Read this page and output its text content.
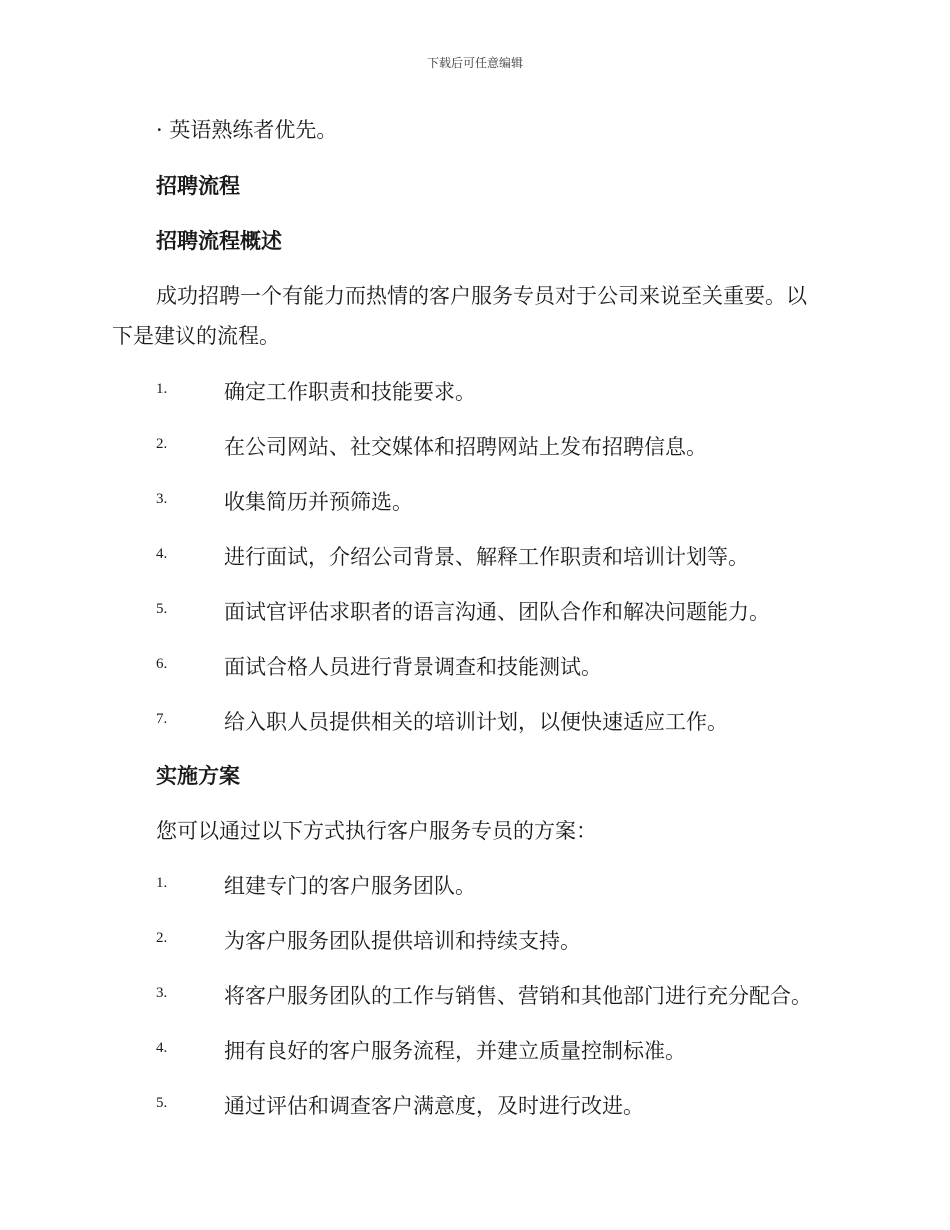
下载后可任意编辑
· 英语熟练者优先。
招聘流程
招聘流程概述
成功招聘一个有能力而热情的客户服务专员对于公司来说至关重要。以
下是建议的流程。
1.	确定工作职责和技能要求。
2.	在公司网站、社交媒体和招聘网站上发布招聘信息。
3.	收集简历并预筛选。
4.	进行面试，介绍公司背景、解释工作职责和培训计划等。
5.	面试官评估求职者的语言沟通、团队合作和解决问题能力。
6.	面试合格人员进行背景调查和技能测试。
7.	给入职人员提供相关的培训计划，以便快速适应工作。
实施方案
您可以通过以下方式执行客户服务专员的方案：
1.	组建专门的客户服务团队。
2.	为客户服务团队提供培训和持续支持。
3.	将客户服务团队的工作与销售、营销和其他部门进行充分配合。
4.	拥有良好的客户服务流程，并建立质量控制标准。
5.	通过评估和调查客户满意度，及时进行改进。
